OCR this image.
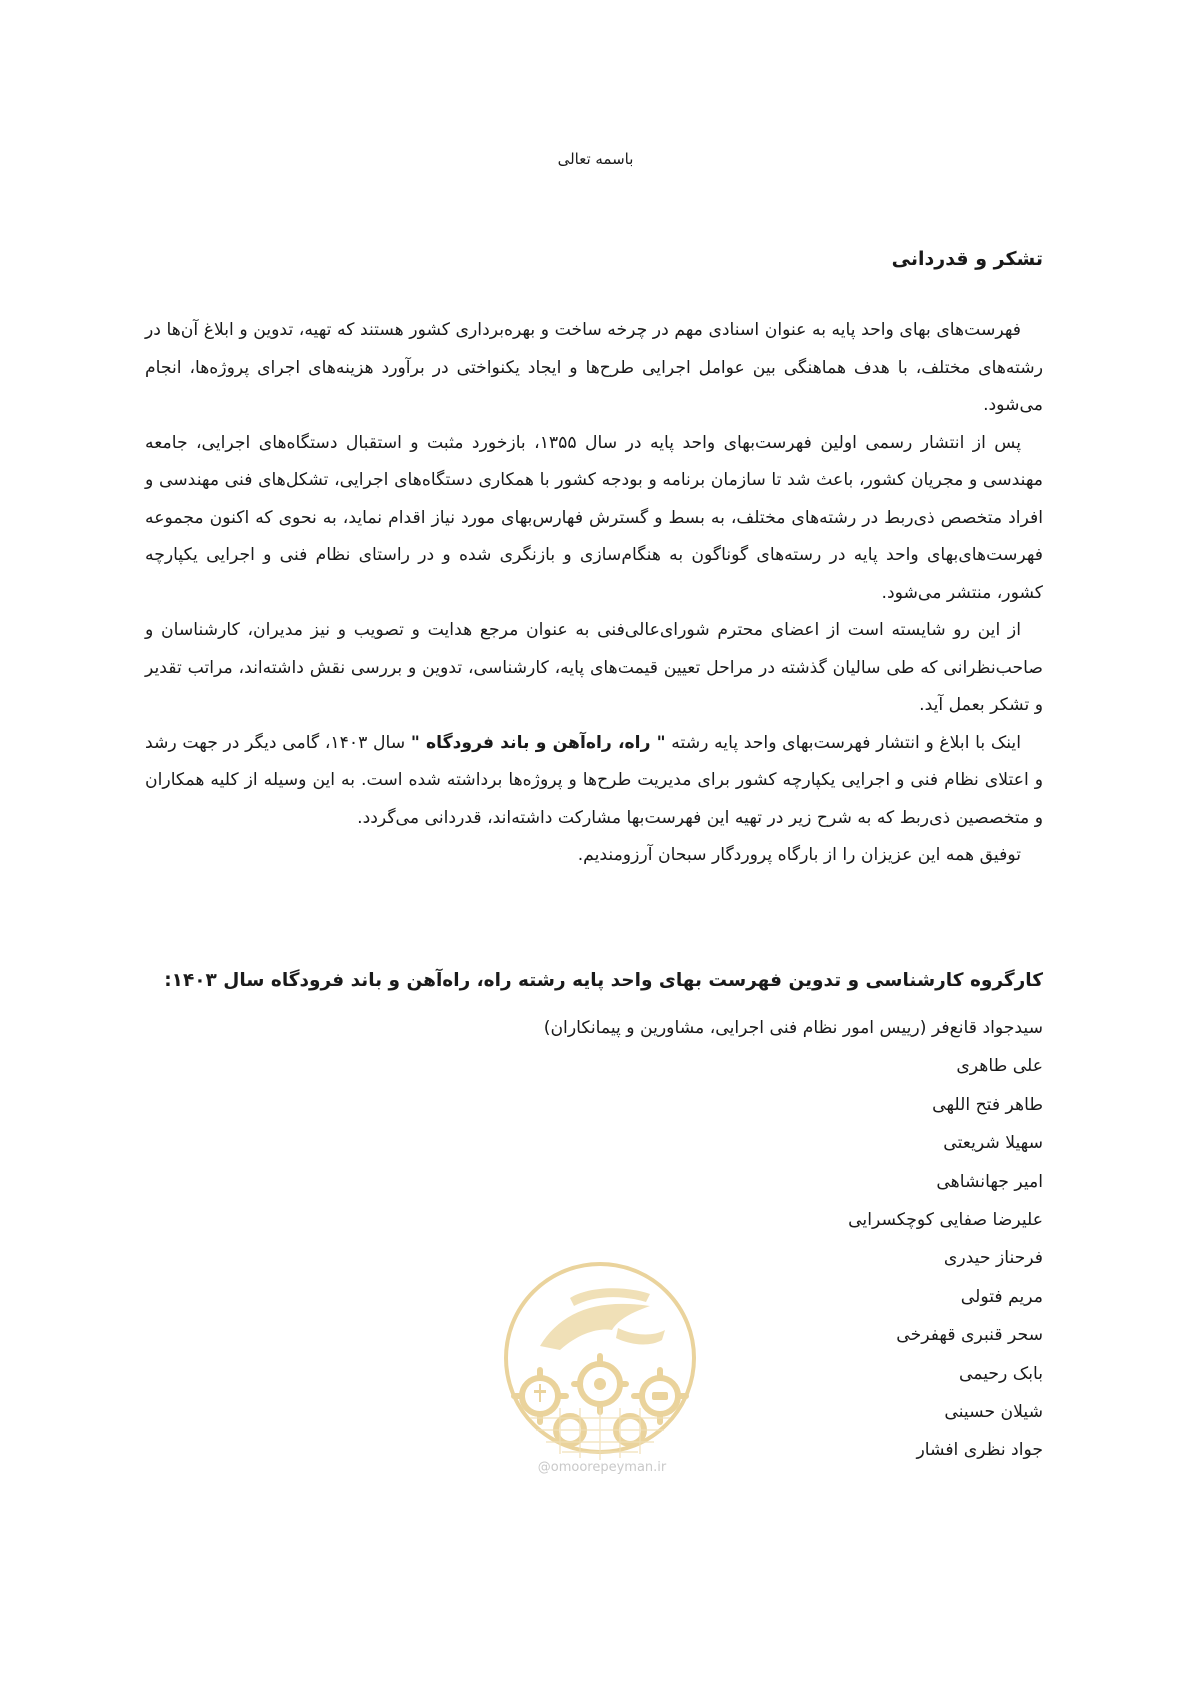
باسمه تعالی
تشکر و قدردانی

فهرست‌های بهای واحد پایه به عنوان اسنادی مهم در چرخه ساخت و بهره‌برداری کشور هستند که تهیه، تدوین و ابلاغ آن‌ها در رشته‌های مختلف، با هدف هماهنگی بین عوامل اجرایی طرح‌ها و ایجاد یکنواختی در برآورد هزینه‌های اجرای پروژه‌ها، انجام می‌شود.

پس از انتشار رسمی اولین فهرست‌بهای واحد پایه در سال ۱۳۵۵، بازخورد مثبت و استقبال دستگاه‌های اجرایی، جامعه مهندسی و مجریان کشور، باعث شد تا سازمان برنامه و بودجه کشور با همکاری دستگاه‌های اجرایی، تشکل‌های فنی مهندسی و افراد متخصص ذی‌ربط در رشته‌های مختلف، به بسط و گسترش فهارس‌بهای مورد نیاز اقدام نماید، به نحوی که اکنون مجموعه فهرست‌های‌بهای واحد پایه در رسته‌های گوناگون به هنگام‌سازی و بازنگری شده و در راستای نظام فنی و اجرایی یکپارچه کشور، منتشر می‌شود.

از این رو شایسته است از اعضای محترم شورای‌عالی‌فنی به عنوان مرجع هدایت و تصویب و نیز مدیران، کارشناسان و صاحب‌نظرانی که طی سالیان گذشته در مراحل تعیین قیمت‌های پایه، کارشناسی، تدوین و بررسی نقش داشته‌اند، مراتب تقدیر و تشکر بعمل آید.

اینک با ابلاغ و انتشار فهرست‌بهای واحد پایه رشته " راه، راه‌آهن و باند فرودگاه " سال ۱۴۰۳، گامی دیگر در جهت رشد و اعتلای نظام فنی و اجرایی یکپارچه کشور برای مدیریت طرح‌ها و پروژه‌ها برداشته شده است. به این وسیله از کلیه همکاران و متخصصین ذی‌ربط که به شرح زیر در تهیه این فهرست‌بها مشارکت داشته‌اند، قدردانی می‌گردد.

توفیق همه این عزیزان را از بارگاه پروردگار سبحان آرزومندیم.

کارگروه کارشناسی و تدوین فهرست بهای واحد پایه رشته راه، راه‌آهن و باند فرودگاه سال ۱۴۰۳:
سیدجواد قانع‌فر (رییس امور نظام فنی اجرایی، مشاورین و پیمانکاران)
علی طاهری
طاهر فتح اللهی
سهیلا شریعتی
امیر جهانشاهی
علیرضا صفایی کوچکسرایی
فرحناز حیدری
مریم فتولی
سحر قنبری قهفرخی
بابک رحیمی
شیلان حسینی
جواد نظری افشار
@omoorepeyman.ir
